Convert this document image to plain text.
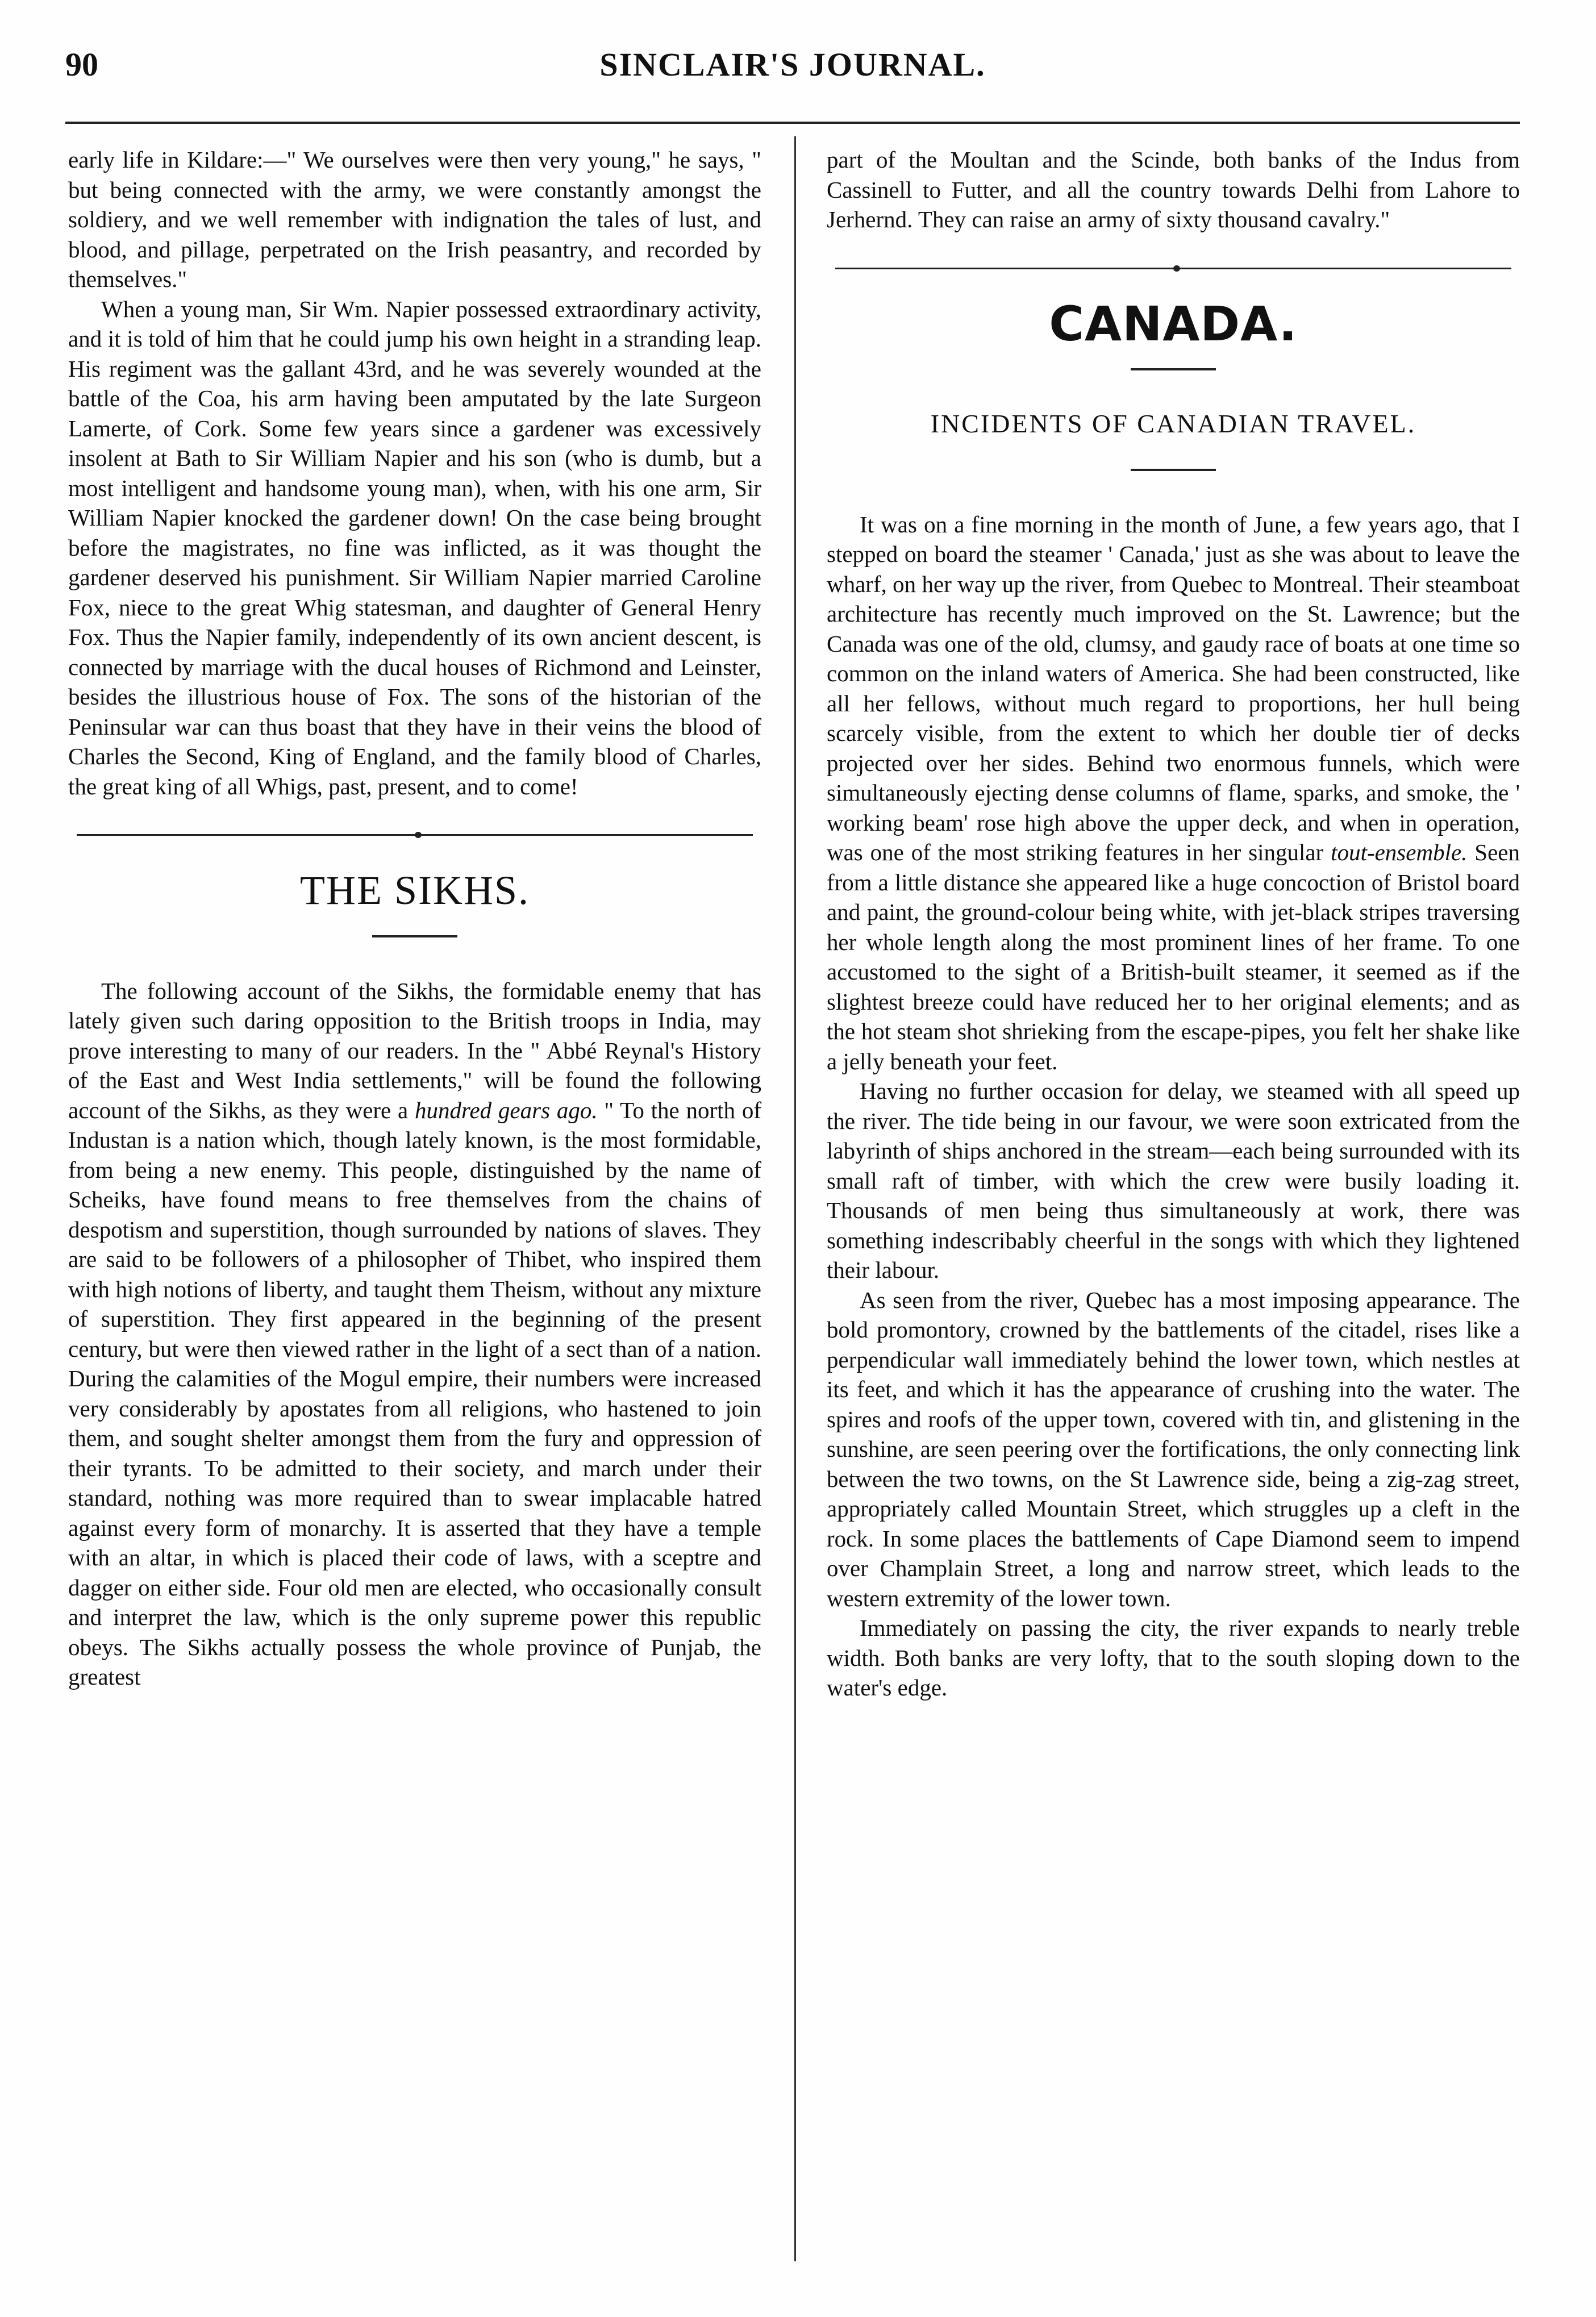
90	SINCLAIR'S JOURNAL.

early life in Kildare:—" We ourselves were then very young," he says, " but being connected with the army, we were constantly amongst the soldiery, and we well remember with indignation the tales of lust, and blood, and pillage, perpetrated on the Irish peasantry, and recorded by themselves."

When a young man, Sir Wm. Napier possessed extraordinary activity, and it is told of him that he could jump his own height in a stranding leap. His regiment was the gallant 43rd, and he was severely wounded at the battle of the Coa, his arm having been amputated by the late Surgeon Lamerte, of Cork. Some few years since a gardener was excessively insolent at Bath to Sir William Napier and his son (who is dumb, but a most intelligent and handsome young man), when, with his one arm, Sir William Napier knocked the gardener down! On the case being brought before the magistrates, no fine was inflicted, as it was thought the gardener deserved his punishment. Sir William Napier married Caroline Fox, niece to the great Whig statesman, and daughter of General Henry Fox. Thus the Napier family, independently of its own ancient descent, is connected by marriage with the ducal houses of Richmond and Leinster, besides the illustrious house of Fox. The sons of the historian of the Peninsular war can thus boast that they have in their veins the blood of Charles the Second, King of England, and the family blood of Charles, the great king of all Whigs, past, present, and to come!

THE SIKHS.

The following account of the Sikhs, the formidable enemy that has lately given such daring opposition to the British troops in India, may prove interesting to many of our readers. In the " Abbé Reynal's History of the East and West India settlements," will be found the following account of the Sikhs, as they were a hundred gears ago. " To the north of Industan is a nation which, though lately known, is the most formidable, from being a new enemy. This people, distinguished by the name of Scheiks, have found means to free themselves from the chains of despotism and superstition, though surrounded by nations of slaves. They are said to be followers of a philosopher of Thibet, who inspired them with high notions of liberty, and taught them Theism, without any mixture of superstition. They first appeared in the beginning of the present century, but were then viewed rather in the light of a sect than of a nation. During the calamities of the Mogul empire, their numbers were increased very considerably by apostates from all religions, who hastened to join them, and sought shelter amongst them from the fury and oppression of their tyrants. To be admitted to their society, and march under their standard, nothing was more required than to swear implacable hatred against every form of monarchy. It is asserted that they have a temple with an altar, in which is placed their code of laws, with a sceptre and dagger on either side. Four old men are elected, who occasionally consult and interpret the law, which is the only supreme power this republic obeys. The Sikhs actually possess the whole province of Punjab, the greatest

part of the Moultan and the Scinde, both banks of the Indus from Cassinell to Futter, and all the country towards Delhi from Lahore to Jerhernd. They can raise an army of sixty thousand cavalry."

CANADA.

INCIDENTS OF CANADIAN TRAVEL.

It was on a fine morning in the month of June, a few years ago, that I stepped on board the steamer ' Canada,' just as she was about to leave the wharf, on her way up the river, from Quebec to Montreal. Their steamboat architecture has recently much improved on the St. Lawrence; but the Canada was one of the old, clumsy, and gaudy race of boats at one time so common on the inland waters of America. She had been constructed, like all her fellows, without much regard to proportions, her hull being scarcely visible, from the extent to which her double tier of decks projected over her sides. Behind two enormous funnels, which were simultaneously ejecting dense columns of flame, sparks, and smoke, the ' working beam' rose high above the upper deck, and when in operation, was one of the most striking features in her singular tout-ensemble. Seen from a little distance she appeared like a huge concoction of Bristol board and paint, the ground-colour being white, with jet-black stripes traversing her whole length along the most prominent lines of her frame. To one accustomed to the sight of a British-built steamer, it seemed as if the slightest breeze could have reduced her to her original elements; and as the hot steam shot shrieking from the escape-pipes, you felt her shake like a jelly beneath your feet.

Having no further occasion for delay, we steamed with all speed up the river. The tide being in our favour, we were soon extricated from the labyrinth of ships anchored in the stream—each being surrounded with its small raft of timber, with which the crew were busily loading it. Thousands of men being thus simultaneously at work, there was something indescribably cheerful in the songs with which they lightened their labour.

As seen from the river, Quebec has a most imposing appearance. The bold promontory, crowned by the battlements of the citadel, rises like a perpendicular wall immediately behind the lower town, which nestles at its feet, and which it has the appearance of crushing into the water. The spires and roofs of the upper town, covered with tin, and glistening in the sunshine, are seen peering over the fortifications, the only connecting link between the two towns, on the St Lawrence side, being a zig-zag street, appropriately called Mountain Street, which struggles up a cleft in the rock. In some places the battlements of Cape Diamond seem to impend over Champlain Street, a long and narrow street, which leads to the western extremity of the lower town.

Immediately on passing the city, the river expands to nearly treble width. Both banks are very lofty, that to the south sloping down to the water's edge.
